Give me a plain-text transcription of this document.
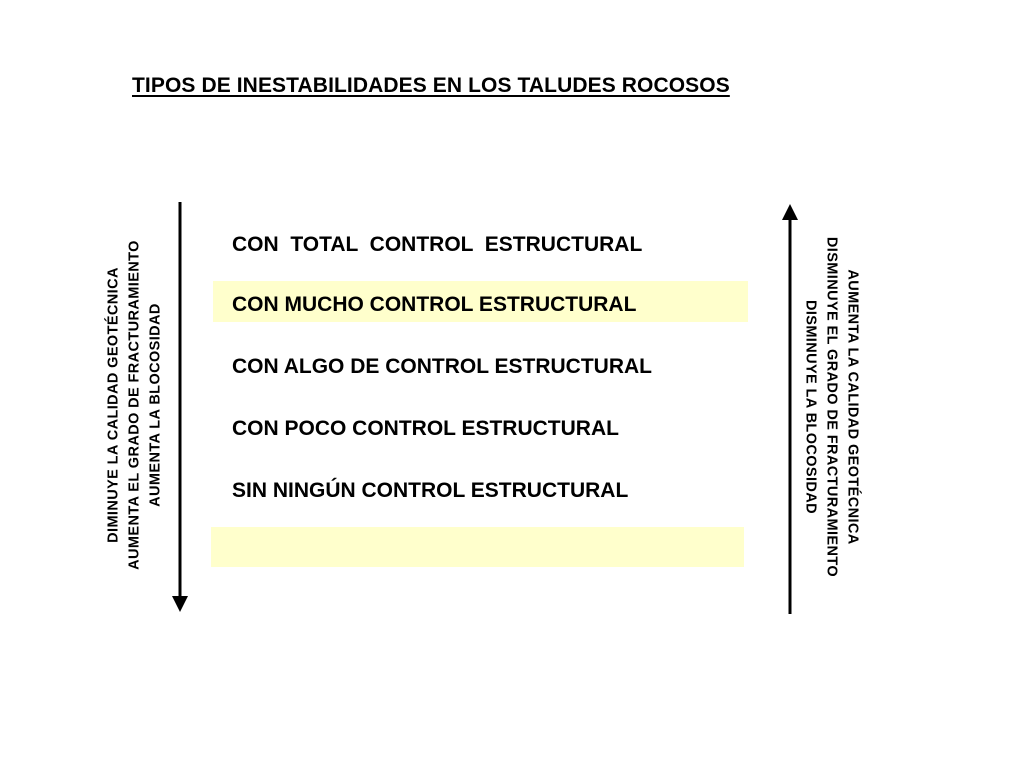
TIPOS DE INESTABILIDADES EN LOS TALUDES ROCOSOS
CON  TOTAL  CONTROL  ESTRUCTURAL
CON MUCHO CONTROL ESTRUCTURAL
CON ALGO DE CONTROL ESTRUCTURAL
CON POCO CONTROL ESTRUCTURAL
SIN NINGÚN CONTROL ESTRUCTURAL
DIMINUYE LA CALIDAD GEOTÉCNICA AUMENTA EL GRADO DE FRACTURAMIENTO AUMENTA LA BLOCOSIDAD	AUMENTA LA CALIDAD GEOTÉCNICA
DISMINUYE EL GRADO DE FRACTURAMIENTO
DISMINUYE LA BLOCOSIDAD
